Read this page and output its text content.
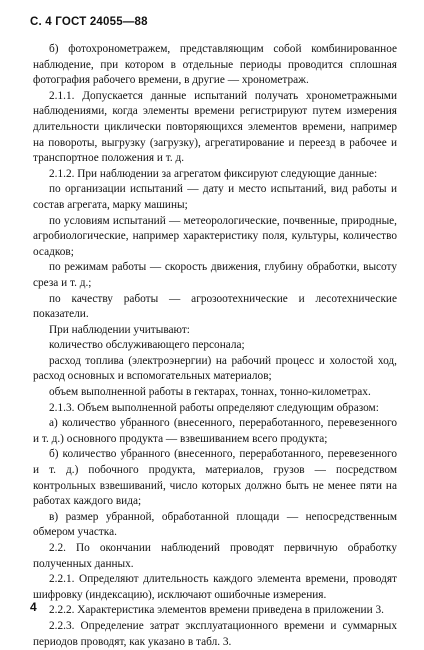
С. 4 ГОСТ 24055—88

б) фотохронометражем, представляющим собой комбинированное наблюдение, при котором в отдельные периоды проводится сплошная фотография рабочего времени, в другие — хронометраж.

2.1.1. Допускается данные испытаний получать хронометражными наблюдениями, когда элементы времени регистрируют путем измерения длительности циклически повторяющихся элементов времени, например на повороты, выгрузку (загрузку), агрегатирование и переезд в рабочее и транспортное положения и т. д.

2.1.2. При наблюдении за агрегатом фиксируют следующие данные:

по организации испытаний — дату и место испытаний, вид работы и состав агрегата, марку машины;

по условиям испытаний — метеорологические, почвенные, природные, агробиологические, например характеристику поля, культуры, количество осадков;

по режимам работы — скорость движения, глубину обработки, высоту среза и т. д.;

по качеству работы — агрозоотехнические и лесотехнические показатели.

При наблюдении учитывают:

количество обслуживающего персонала;

расход топлива (электроэнергии) на рабочий процесс и холостой ход, расход основных и вспомогательных материалов;

объем выполненной работы в гектарах, тоннах, тонно-километрах.

2.1.3. Объем выполненной работы определяют следующим образом:

а) количество убранного (внесенного, переработанного, перевезенного и т. д.) основного продукта — взвешиванием всего продукта;

б) количество убранного (внесенного, переработанного, перевезенного и т. д.) побочного продукта, материалов, грузов — посредством контрольных взвешиваний, число которых должно быть не менее пяти на работах каждого вида;

в) размер убранной, обработанной площади — непосредственным обмером участка.

2.2. По окончании наблюдений проводят первичную обработку полученных данных.

2.2.1. Определяют длительность каждого элемента времени, проводят шифровку (индексацию), исключают ошибочные измерения.

2.2.2. Характеристика элементов времени приведена в приложении 3.

2.2.3. Определение затрат эксплуатационного времени и суммарных периодов проводят, как указано в табл. 3.

4
